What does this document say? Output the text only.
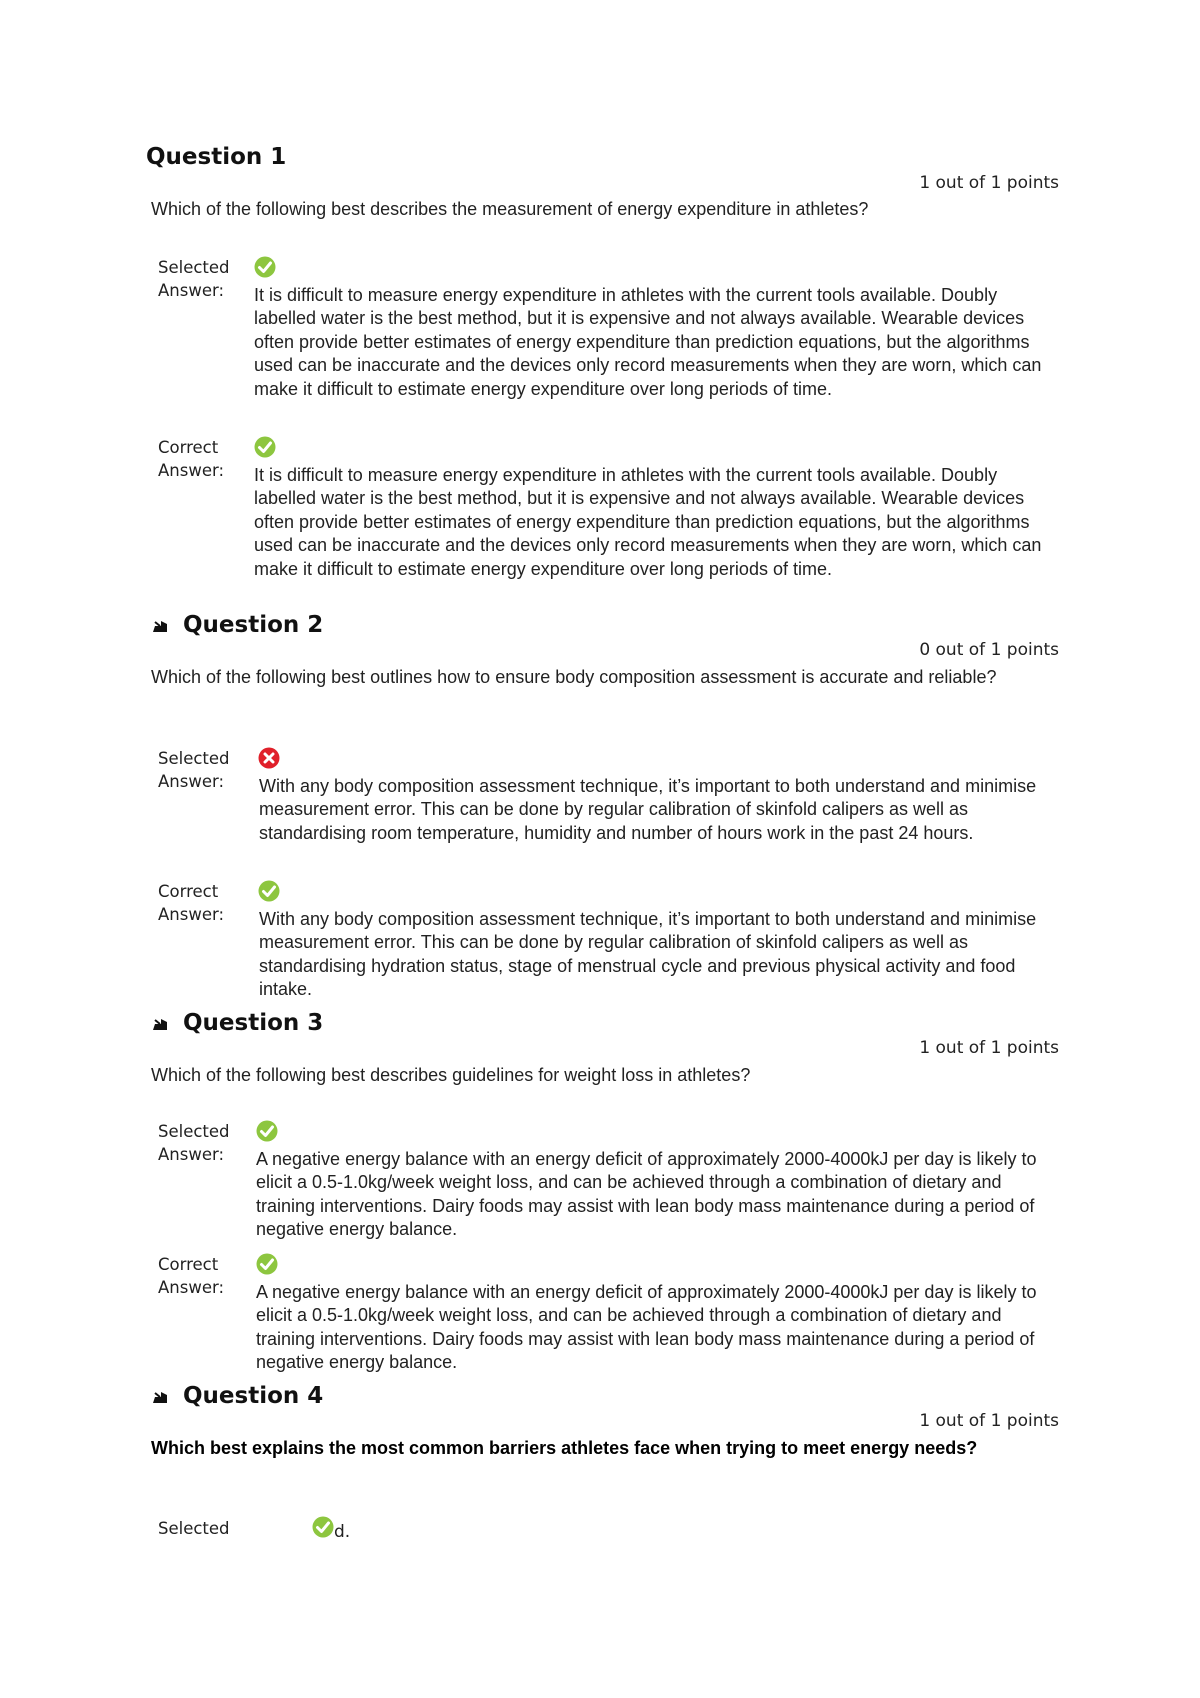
Question 1
1 out of 1 points
Which of the following best describes the measurement of energy expenditure in athletes?
Selected
Answer: It is difficult to measure energy expenditure in athletes with the current tools available. Doubly labelled water is the best method, but it is expensive and not always available. Wearable devices often provide better estimates of energy expenditure than prediction equations, but the algorithms used can be inaccurate and the devices only record measurements when they are worn, which can make it difficult to estimate energy expenditure over long periods of time.
Correct
Answer: It is difficult to measure energy expenditure in athletes with the current tools available. Doubly labelled water is the best method, but it is expensive and not always available. Wearable devices often provide better estimates of energy expenditure than prediction equations, but the algorithms used can be inaccurate and the devices only record measurements when they are worn, which can make it difficult to estimate energy expenditure over long periods of time.
Question 2
0 out of 1 points
Which of the following best outlines how to ensure body composition assessment is accurate and reliable?
Selected
Answer: With any body composition assessment technique, it’s important to both understand and minimise measurement error. This can be done by regular calibration of skinfold calipers as well as standardising room temperature, humidity and number of hours work in the past 24 hours.
Correct
Answer: With any body composition assessment technique, it’s important to both understand and minimise measurement error. This can be done by regular calibration of skinfold calipers as well as standardising hydration status, stage of menstrual cycle and previous physical activity and food intake.
Question 3
1 out of 1 points
Which of the following best describes guidelines for weight loss in athletes?
Selected
Answer: A negative energy balance with an energy deficit of approximately 2000-4000kJ per day is likely to elicit a 0.5-1.0kg/week weight loss, and can be achieved through a combination of dietary and training interventions. Dairy foods may assist with lean body mass maintenance during a period of negative energy balance.
Correct
Answer: A negative energy balance with an energy deficit of approximately 2000-4000kJ per day is likely to elicit a 0.5-1.0kg/week weight loss, and can be achieved through a combination of dietary and training interventions. Dairy foods may assist with lean body mass maintenance during a period of negative energy balance.
Question 4
1 out of 1 points
Which best explains the most common barriers athletes face when trying to meet energy needs?
Selected	d.
